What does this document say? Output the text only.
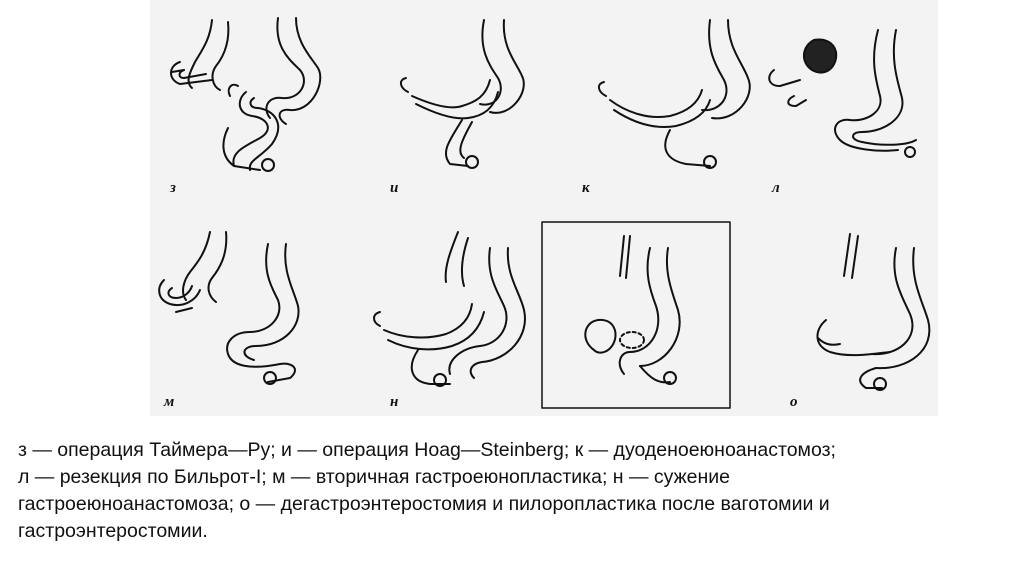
з	и	к	л
м	н	о
з — операция Таймера—Ру; и — операция Hoag—Steinberg; к — дуоденоеюноанастомоз;
л — резекция по Бильрот-I; м — вторичная гастроеюнопластика; н — сужение
гастроеюноанастомоза; о — дегастроэнтеростомия и пилоропластика после ваготомии и
гастроэнтеростомии.
